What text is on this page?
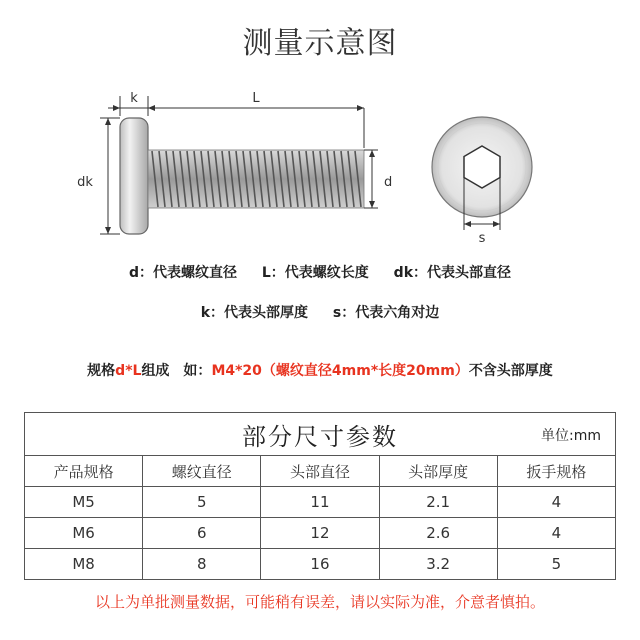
测量示意图
k	L
dk	d
s
d：代表螺纹直径 L：代表螺纹长度 dk：代表头部直径
k：代表头部厚度 s：代表六角对边
规格d*L组成　如：M4*20（螺纹直径4mm*长度20mm）不含头部厚度
部分尺寸参数 单位:mm				

产品规格	螺纹直径	头部直径	头部厚度	扳手规格
M5	5	11	2.1	4
M6	6	12	2.6	4
M8	8	16	3.2	5
以上为单批测量数据，可能稍有误差，请以实际为准，介意者慎拍。
